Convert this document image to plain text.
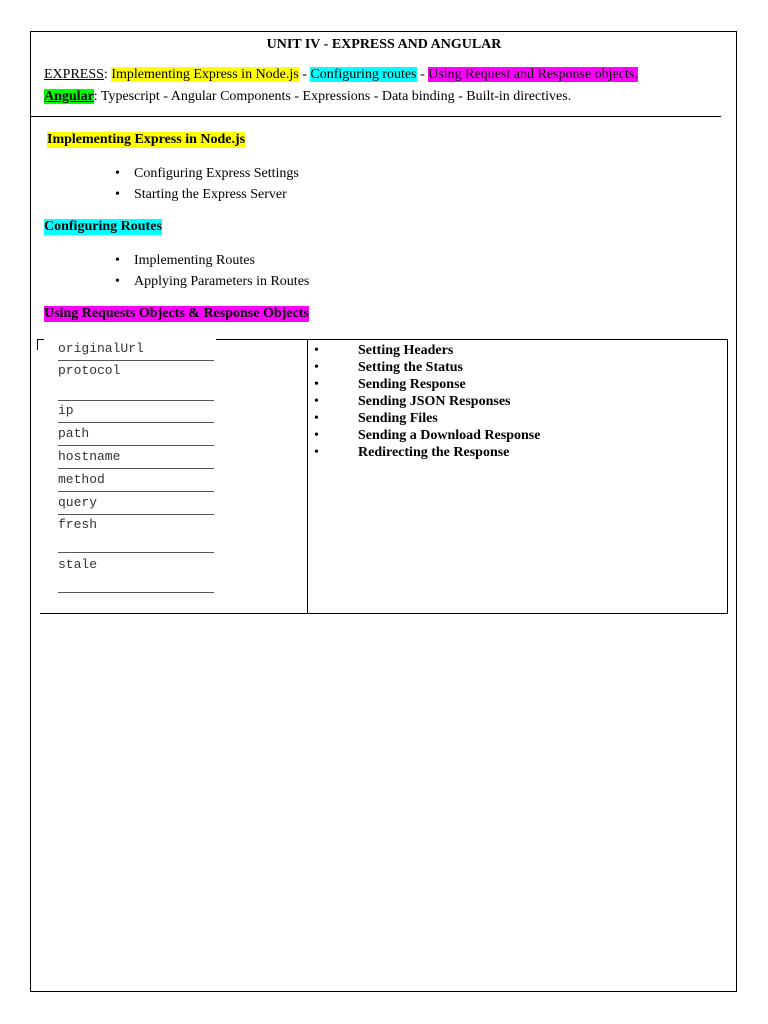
UNIT IV - EXPRESS AND ANGULAR
EXPRESS: Implementing Express in Node.js - Configuring routes - Using Request and Response objects.
Angular: Typescript - Angular Components - Expressions - Data binding - Built-in directives.
Implementing Express in Node.js
• Configuring Express Settings
• Starting the Express Server
Configuring Routes
• Implementing Routes
• Applying Parameters in Routes
Using Requests Objects & Response Objects
originalUrl
protocol
ip
path
hostname
method
query
fresh
stale
• Setting Headers
• Setting the Status
• Sending Response
• Sending JSON Responses
• Sending Files
• Sending a Download Response
• Redirecting the Response
